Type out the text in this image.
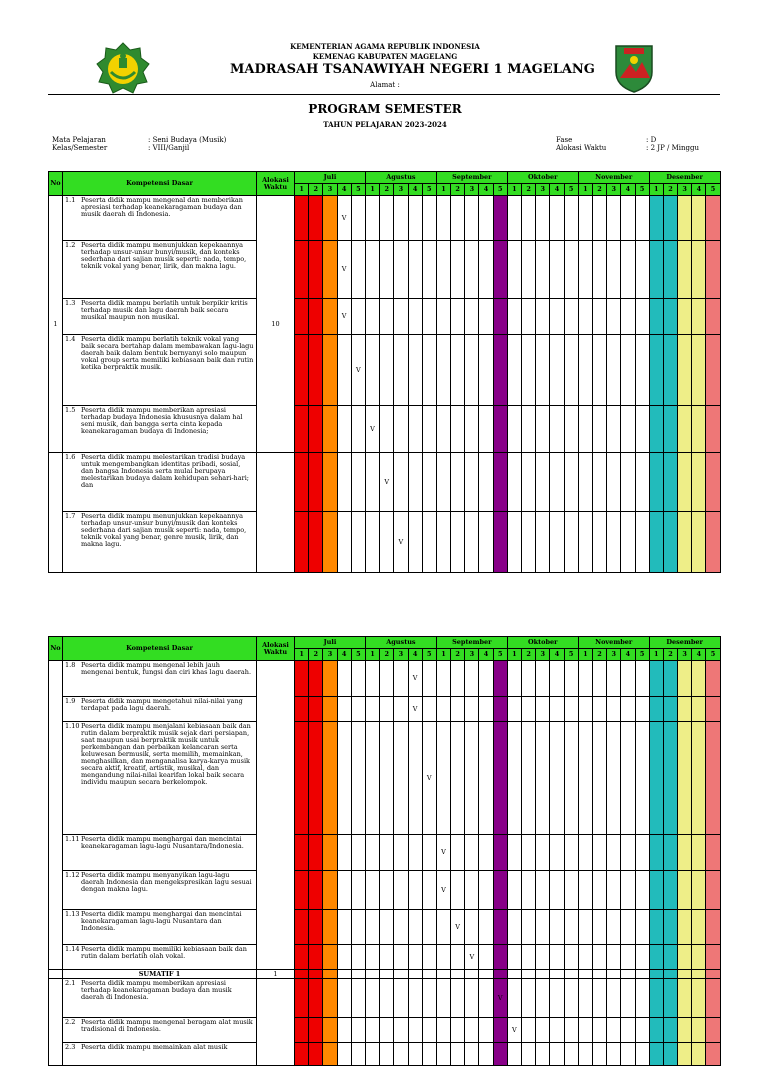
KEMENTERIAN AGAMA REPUBLIK INDONESIA
KEMENAG KABUPATEN MAGELANG
MADRASAH TSANAWIYAH NEGERI 1 MAGELANG
Alamat :
PROGRAM SEMESTER
TAHUN PELAJARAN 2023-2024
Mata Pelajaran	: Seni Budaya (Musik)
Kelas/Semester	: VIII/Ganjil
Fase	: D
Alokasi Waktu	: 2 JP / Minggu
No	Kompetensi Dasar	Alokasi Waktu	Juli					Agustus					September					Oktober					November					Desember				
			1	2	3	4	5	1	2	3	4	5	1	2	3	4	5	1	2	3	4	5	1	2	3	4	5	1	2	3	4	5
1	1.1 Peserta didik mampu mengenal dan memberikan apresiasi terhadap keanekaragaman budaya dan musik daerah di Indonesia.	10				V																										

	1.2 Peserta didik mampu menunjukkan kepekaannya terhadap unsur-unsur bunyi/musik, dan konteks sederhana dari sajian musik seperti: nada, tempo, teknik vokal yang benar, lirik, dan makna lagu.					V																										

	1.3 Peserta didik mampu berlatih untuk berpikir kritis terhadap musik dan lagu daerah baik secara musikal maupun non musikal.					V																										

	1.4 Peserta didik mampu berlatih teknik vokal yang baik secara bertahap dalam membawakan lagu-lagu daerah baik dalam bentuk bernyanyi solo maupun vokal group serta memiliki kebiasaan baik dan rutin ketika berpraktik musik.						V																									

	1.5 Peserta didik mampu memberikan apresiasi terhadap budaya Indonesia khususnya dalam hal seni musik, dan bangga serta cinta kepada keanekaragaman budaya di Indonesia;							V																								

	1.6 Peserta didik mampu melestarikan tradisi budaya untuk mengembangkan identitas pribadi, sosial, dan bangsa Indonesia serta mulai berupaya melestarikan budaya dalam kehidupan sehari-hari; dan								V																							

	1.7 Peserta didik mampu menunjukkan kepekaannya terhadap unsur-unsur bunyi/musik dan konteks sederhana dari sajian musik seperti: nada, tempo, teknik vokal yang benar, genre musik, lirik, dan makna lagu.									V																						
No	Kompetensi Dasar	Alokasi Waktu	Juli					Agustus					September					Oktober					November					Desember				
			1	2	3	4	5	1	2	3	4	5	1	2	3	4	5	1	2	3	4	5	1	2	3	4	5	1	2	3	4	5

	1.8 Peserta didik mampu mengenal lebih jauh mengenai bentuk, fungsi dan ciri khas lagu daerah.										V																					

	1.9 Peserta didik mampu mengetahui nilai-nilai yang terdapat pada lagu daerah.										V																					

	1.10 Peserta didik mampu menjalani kebiasaan baik dan rutin dalam berpraktik musik sejak dari persiapan, saat maupun usai berpraktik musik untuk perkembangan dan perbaikan kelancaran serta keluwesan bermusik, serta memilih, memainkan, menghasilkan, dan menganalisa karya-karya musik secara aktif, kreatif, artistik, musikal, dan mengandung nilai-nilai kearifan lokal baik secara individu maupun secara berkelompok.											V																				

	1.11 Peserta didik mampu menghargai dan mencintai keanekaragaman lagu-lagu Nusantara/Indonesia.												V																			

	1.12 Peserta didik mampu menyanyikan lagu-lagu daerah Indonesia dan mengekspresikan lagu sesuai dengan makna lagu.												V																			

	1.13 Peserta didik mampu menghargai dan mencintai keanekaragaman lagu-lagu Nusantara dan Indonesia.													V																		

	1.14 Peserta didik mampu memiliki kebiasaan baik dan rutin dalam berlatih olah vokal.														V																	
	SUMATIF 1	1																														

	2.1 Peserta didik mampu memberikan apresiasi terhadap keanekaragaman budaya dan musik daerah di Indonesia.																V															

	2.2 Peserta didik mampu mengenal beragam alat musik tradisional di Indonesia.																	V														

	2.3 Peserta didik mampu memainkan alat musik																															
